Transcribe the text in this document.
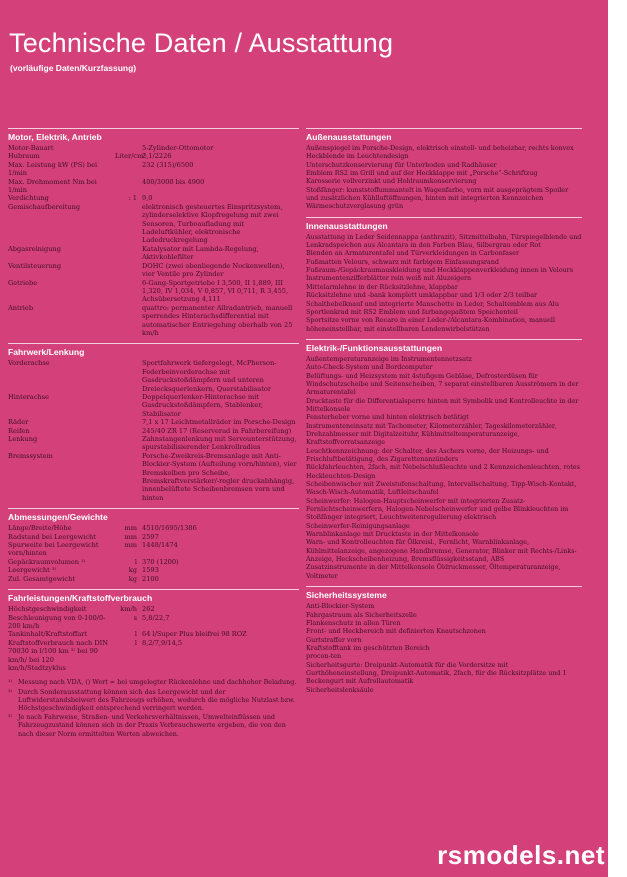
Technische Daten / Ausstattung
(vorläufige Daten/Kurzfassung)
Motor, Elektrik, Antrieb
Motor-Bauart		5-Zylinder-Ottomotor
Hubraum	Liter/cm³	2,1/2226
Max. Leistung kW (PS) bei 1/min		232 (315)/6500
Max. Drehmoment Nm bei 1/min		400/3000 bis 4900
Verdichtung	: 1	9,0
Gemischaufbereitung		elektronisch gesteuertes Einspritzsystem, zylinderselektive Klopfregelung mit zwei Sensoren, Turboaufladung mit Ladeluftkühler, elektronische Ladedruckregelung
Abgasreinigung		Katalysator mit Lambda-Regelung, Aktivkohlefilter
Ventilsteuerung		DOHC (zwei obenliegende Nockenwellen), vier Ventile pro Zylinder
Getriebe		6-Gang-Sportgetriebe I 3,500, II 1,889, III 1,320, IV 1,034, V 0,857, VI 0,711, R 3,455, Achsübersetzung 4,111
Antrieb		quattro: permanenter Allradantrieb, manuell sperrendes Hinterachsdifferential mit automatischer Entriegelung oberhalb von 25 km/h
Fahrwerk/Lenkung
Vorderachse		Sportfahrwerk tiefergelegt, McPherson-Federbeinvorderachse mit Gasdruckstoßdämpfern und unteren Dreiecksquerlenkern, Querstabilisator
Hinterachse		Doppelquerlenker-Hinterachse mit Gasdruckstoßdämpfern, Stablenker, Stabilisator
Räder		7,1 x 17 Leichtmetallräder im Porsche-Design
Reifen		245/40 ZR 17 (Reserverad in Fahrbereifung)
Lenkung		Zahnstangenlenkung mit Servounterstützung, spurstabilisierender Lenkrollradius
Bremssystem		Porsche-Zweikreis-Bremsanlage mit Anti-Blockier-System (Aufteilung vorn/hinten), vier Bremskolben pro Scheibe, Bremskraftverstärker/-regler druckabhängig, innenbelüftete Scheibenbremsen vorn und hinten
Abmessungen/Gewichte
Länge/Breite/Höhe	mm	4510/1695/1386
Radstand bei Leergewicht	mm	2597
Spurweite bei Leergewicht vorn/hinten	mm	1448/1474
Gepäckraumvolumen ¹⁾	l	370 (1200)
Leergewicht ²⁾	kg	1593
Zul. Gesamtgewicht	kg	2100
Fahrleistungen/Kraftstoffverbrauch
Höchstgeschwindigkeit	km/h	262
Beschleunigung von 0-100/0-200 km/h	s	5,8/22,7
Tankinhalt/Kraftstoffart	l	64 l/Super Plus bleifrei 98 ROZ
Kraftstoffverbrauch nach DIN 70030 in l/100 km ³⁾ bei 90 km/h/ bei 120 km/h/Stadtzyklus	l	8,2/7,9/14,5
¹⁾ Messung nach VDA, () Wert = bei umgelegter Rückenlehne und dachhoher Beladung.
²⁾ Durch Sonderausstattung können sich das Leergewicht und der Luftwiderstandsbeiwert des Fahrzeugs erhöhen, wodurch die mögliche Nutzlast bzw. Höchstgeschwindigkeit entsprechend verringert werden.
³⁾ Je nach Fahrweise, Straßen- und Verkehrsverhältnissen, Umwelteinflüssen und Fahrzeugzustand können sich in der Praxis Verbrauchswerte ergeben, die von den nach dieser Norm ermittelten Werten abweichen.
Außenausstattungen
Außenspiegel im Porsche-Design, elektrisch einstell- und beheizbar, rechts konvex
Heckblende im Leuchtendesign
Unterschutzkonservierung für Unterboden und Radhäuser
Emblem RS2 im Grill und auf der Heckklappe mit „Porsche“-Schriftzug
Karosserie vollverzinkt und Hohlraumkonservierung
Stoßfänger: kunststoffummantelt in Wagenfarbe, vorn mit ausgeprägtem Spoiler und zusätzlichen Kühlluftöffnungen, hinten mit integrierten Kennzeichen
Wärmeschutzverglasung grün
Innenausstattungen
Ausstattung in Leder Seidennappa (anthrazit), Sitzmittelbahn, Türspiegelblende und Lenkradspeichen aus Alcantara in den Farben Blau, Silbergrau oder Rot
Blenden an Armaturentafel und Türverkleidungen in Carbonfaser
Fußmatten Velours, schwarz mit farbigem Einfassungsrand
Fußraum-/Gepäckraumauskleidung und Heckklappenverkleidung innen in Velours
Instrumentenzifferblätter rein weiß mit Aluzeigern
Mittelarmlehne in der Rücksitzlehne, klappbar
Rücksitzlehne und -bank komplett umklappbar und 1/3 oder 2/3 teilbar
Schalthebelknauf und integrierte Manschette in Leder, Schaltemblem aus Alu
Sportlenkrad mit RS2 Emblem und farbangepaßtem Speichenteil
Sportsitze vorne von Recaro in einer Leder-/Alcantara-Kombination, manuell höheneinstellbar, mit einstellbaren Lendenwirbelstützen
Elektrik-/Funktionsausstattungen
Außentemperaturanzeige im Instrumentennetzsatz
Auto-Check-System und Bordcomputer
Belüftungs- und Heizsystem mit 4stufigem Gebläse, Defrosterdüsen für Windschutzscheibe und Seitenscheiben, 7 separat einstellbaren Ausströmern in der Armaturentafel
Drucktaste für die Differentialsperre hinten mit Symbolik und Kontrolleuchte in der Mittelkonsole
Fensterheber vorne und hinten elektrisch betätigt
Instrumenteneinsatz mit Tachometer, Kilometerzähler, Tageskilometerzähler, Drehzahlmesser mit Digitalzeituhr, Kühlmitteltemperaturanzeige, Kraftstoffvorratsanzeige
Leuchtkennzeichnung: der Schalter, des Aschers vorne, der Heizungs- und Frischluftbetätigung, des Zigarettenanzünders
Rückfahrleuchten, 2fach, mit Nebelschlußleuchte und 2 Kennzeichenleuchten, rotes Heckleuchten-Design
Scheibenwischer mit Zweistufenschaltung, Intervallschaltung, Tipp-Wisch-Kontakt, Wasch-Wisch-Automatik, Luftleitschaufel
Scheinwerfer: Halogen-Hauptscheinwerfer mit integrierten Zusatz-Fernlichtscheinwerfern, Halogen-Nebelscheinwerfer und gelbe Blinkleuchten im Stoßfänger integriert, Leuchtweitenregulierung elektrisch
Scheinwerfer-Reinigungsanlage
Warnblinkanlage mit Drucktaste in der Mittelkonsole
Warn- und Kontrolleuchten für Ölkreisl., Fernlicht, Warnblinkanlage, Kühlmittelanzeige, angezogene Handbremse, Generator, Blinker mit Rechts-/Links-Anzeige, Heckscheibenheizung, Bremsflüssigkeitsstand, ABS
Zusatzinstrumente in der Mittelkonsole Öldruckmesser, Öltemperaturanzeige, Voltmeter
Sicherheitssysteme
Anti-Blockier-System
Fahrgastraum als Sicherheitszelle
Flankenschutz in allen Türen
Front- und Heckbereich mit definierten Knautschzonen
Gurtstraffer vorn
Kraftstofftank im geschützten Bereich
procon-ten
Sicherheitsgurte: Dreipunkt-Automatik für die Vordersitze mit Gurthöheneinstellung, Dreipunkt-Automatik, 2fach, für die Rücksitzplätze und 1 Beckengurt mit Aufrollautomatik
Sicherheitslenksäule
rsmodels.net
